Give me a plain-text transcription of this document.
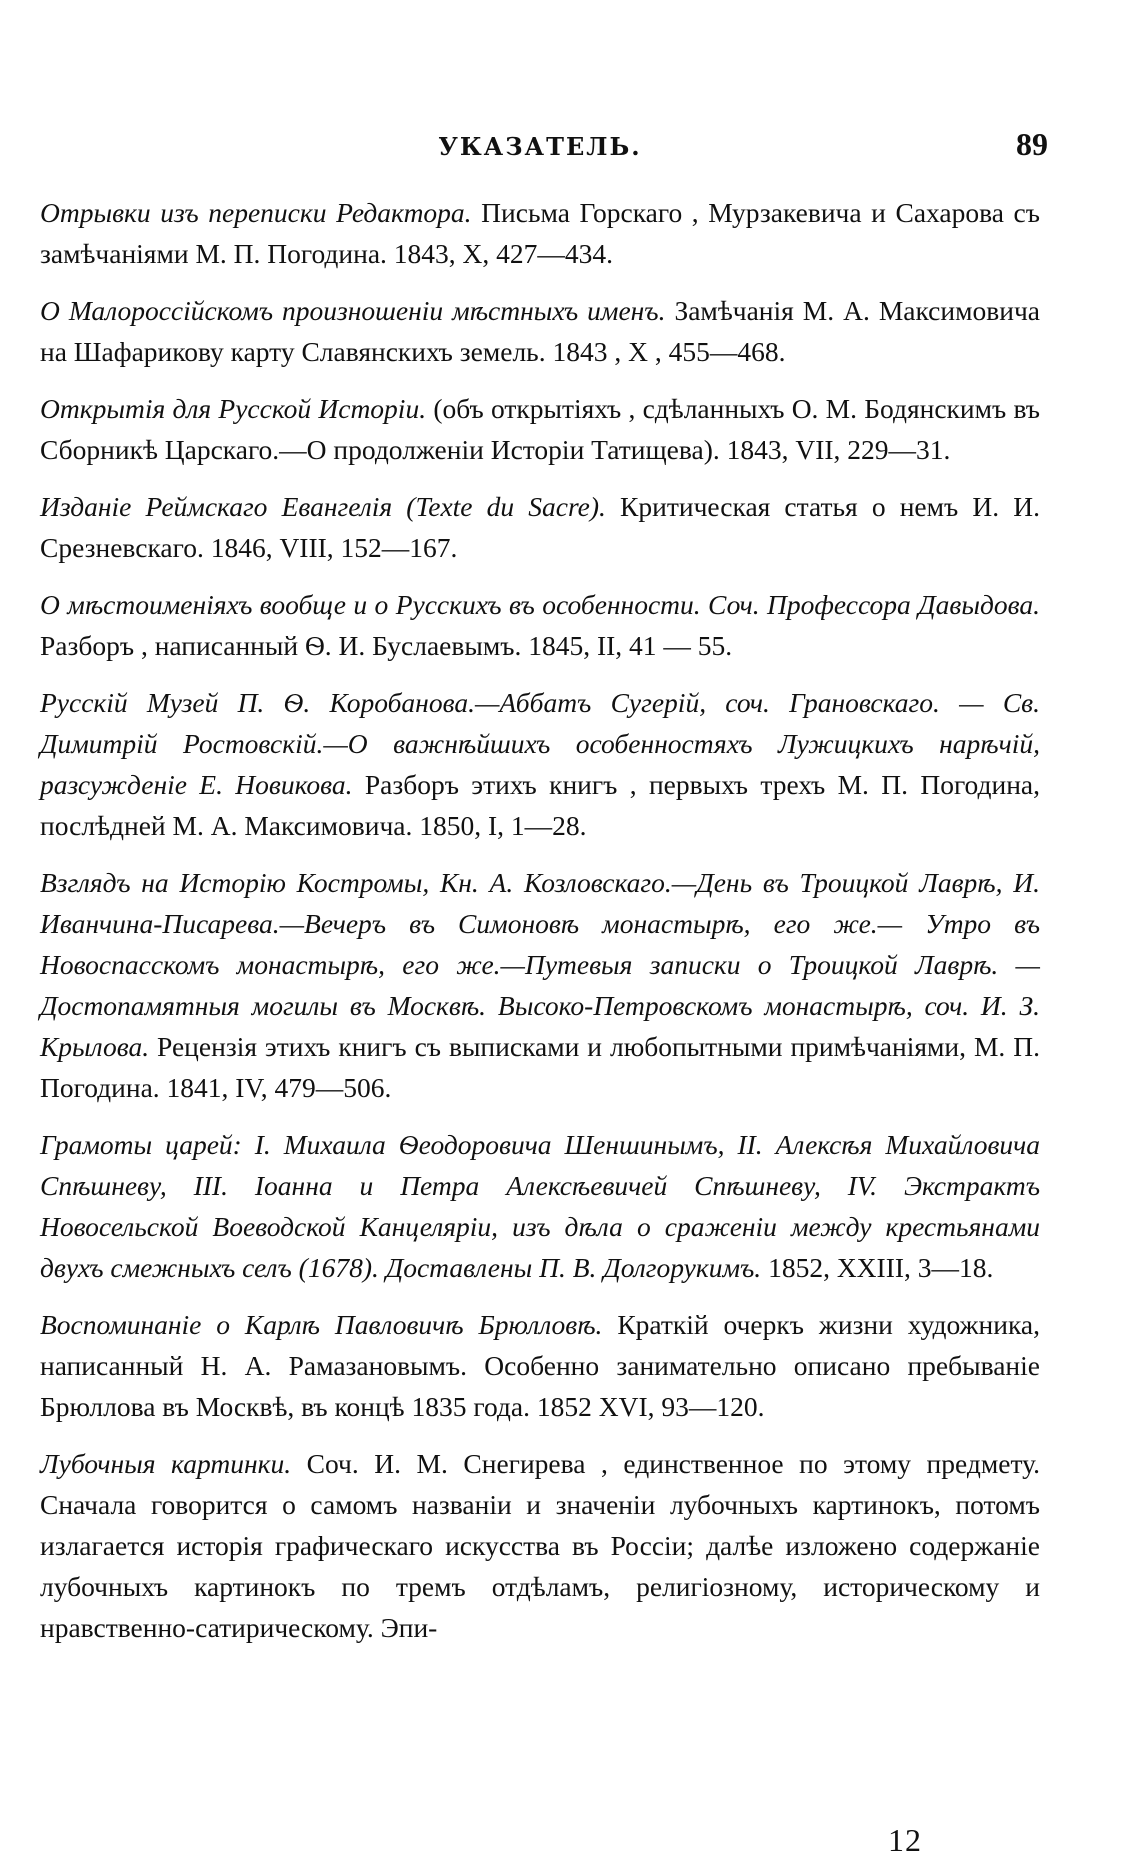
УКАЗАТЕЛЬ.	89

Отрывки изъ переписки Редактора. Письма Горскаго , Мурзакевича и Сахарова съ замѣчаніями М. П. Погодина. 1843, X, 427—434.

О Малороссійскомъ произношеніи мѣстныхъ именъ. Замѣчанія М. А. Максимовича на Шафарикову карту Славянскихъ земель. 1843 , X , 455—468.

Открытія для Русской Исторіи. (объ открытіяхъ , сдѣланныхъ О. М. Бодянскимъ въ Сборникѣ Царскаго.—О продолженіи Исторіи Татищева). 1843, VII, 229—31.

Изданіе Реймскаго Евангелія (Texte du Sacre). Критическая статья о немъ И. И. Срезневскаго. 1846, VIII, 152—167.

О мѣстоименіяхъ вообще и о Русскихъ въ особенности. Соч. Профессора Давыдова. Разборъ , написанный Ѳ. И. Буслаевымъ. 1845, II, 41 — 55.

Русскій Музей П. Ѳ. Коробанова.—Аббатъ Сугерій, соч. Грановскаго. — Св. Димитрій Ростовскій.—О важнѣйшихъ особенностяхъ Лужицкихъ нарѣчій, разсужденіе Е. Новикова. Разборъ этихъ книгъ , первыхъ трехъ М. П. Погодина, послѣдней М. А. Максимовича. 1850, I, 1—28.

Взглядъ на Исторію Костромы, Кн. А. Козловскаго.—День въ Троицкой Лаврѣ, И. Иванчина-Писарева.—Вечеръ въ Симоновѣ монастырѣ, его же.— Утро въ Новоспасскомъ монастырѣ, его же.—Путевыя записки о Троицкой Лаврѣ. — Достопамятныя могилы въ Москвѣ. Высоко-Петровскомъ монастырѣ, соч. И. З. Крылова. Рецензія этихъ книгъ съ выписками и любопытными примѣчаніями, М. П. Погодина. 1841, IV, 479—506.

Грамоты царей: I. Михаила Ѳеодоровича Шеншинымъ, II. Алексѣя Михайловича Спѣшневу, III. Іоанна и Петра Алексѣевичей Спѣшневу, IV. Экстрактъ Новосельской Воеводской Канцеляріи, изъ дѣла о сраженіи между крестьянами двухъ смежныхъ селъ (1678). Доставлены П. В. Долгорукимъ. 1852, XXIII, 3—18.

Воспоминаніе о Карлѣ Павловичѣ Брюлловѣ. Краткій очеркъ жизни художника, написанный Н. А. Рамазановымъ. Особенно занимательно описано пребываніе Брюллова въ Москвѣ, въ концѣ 1835 года. 1852 XVI, 93—120.

Лубочныя картинки. Соч. И. М. Снегирева , единственное по этому предмету. Сначала говорится о самомъ названіи и значеніи лубочныхъ картинокъ, потомъ излагается исторія графическаго искусства въ Россіи; далѣе изложено содержаніе лубочныхъ картинокъ по тремъ отдѣламъ, религіозному, историческому и нравственно-сатирическому. Эпи-

12
